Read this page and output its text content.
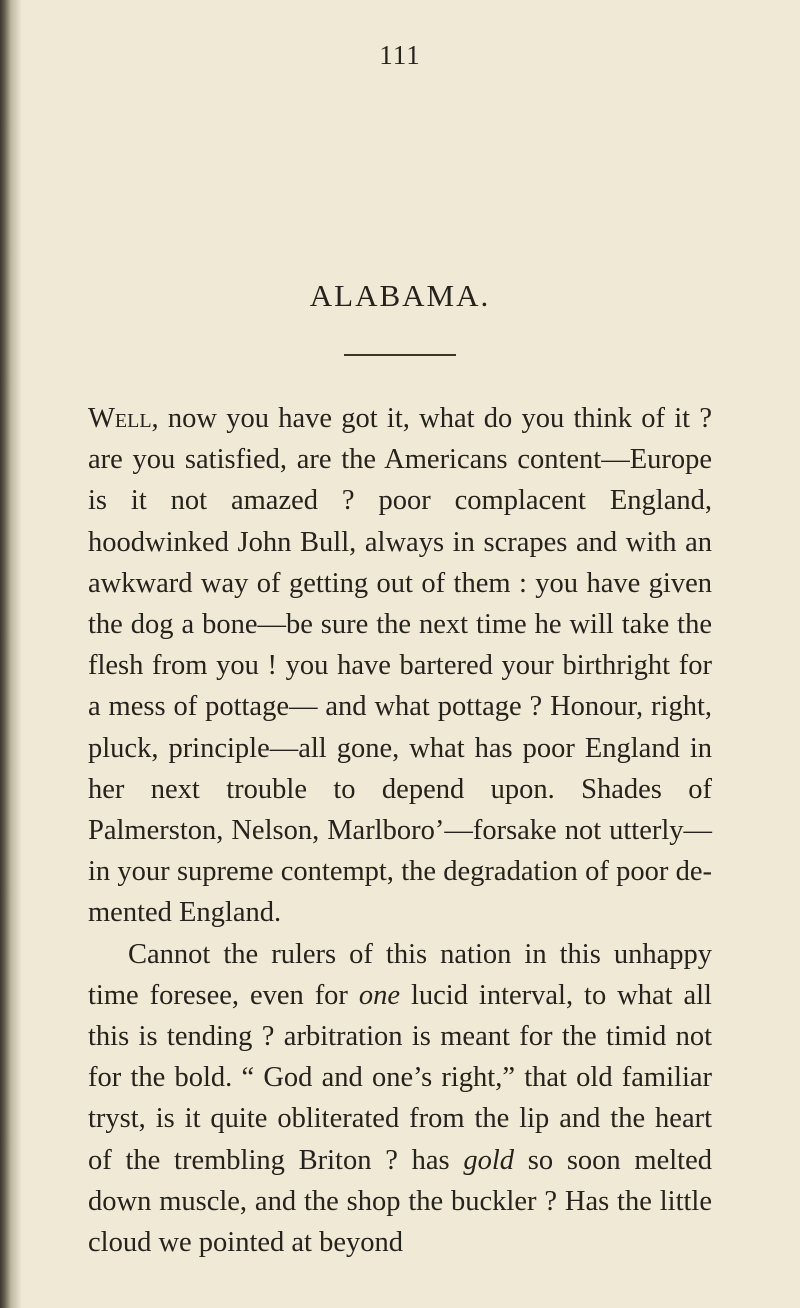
111
ALABAMA.

Well, now you have got it, what do you think of it ? are you satisfied, are the Americans content—Europe is it not amazed ? poor complacent England, hoodwinked John Bull, always in scrapes and with an awkward way of getting out of them : you have given the dog a bone—be sure the next time he will take the flesh from you ! you have bartered your birthright for a mess of pottage— and what pottage ? Honour, right, pluck, principle—all gone, what has poor England in her next trouble to depend upon. Shades of Palmerston, Nelson, Marlboro’—forsake not utterly—in your supreme contempt, the degradation of poor demented England.

Cannot the rulers of this nation in this unhappy time foresee, even for one lucid interval, to what all this is tending ? arbitration is meant for the timid not for the bold. “ God and one’s right,” that old familiar tryst, is it quite obliterated from the lip and the heart of the trembling Briton ? has gold so soon melted down muscle, and the shop the buckler ? Has the little cloud we pointed at beyond
